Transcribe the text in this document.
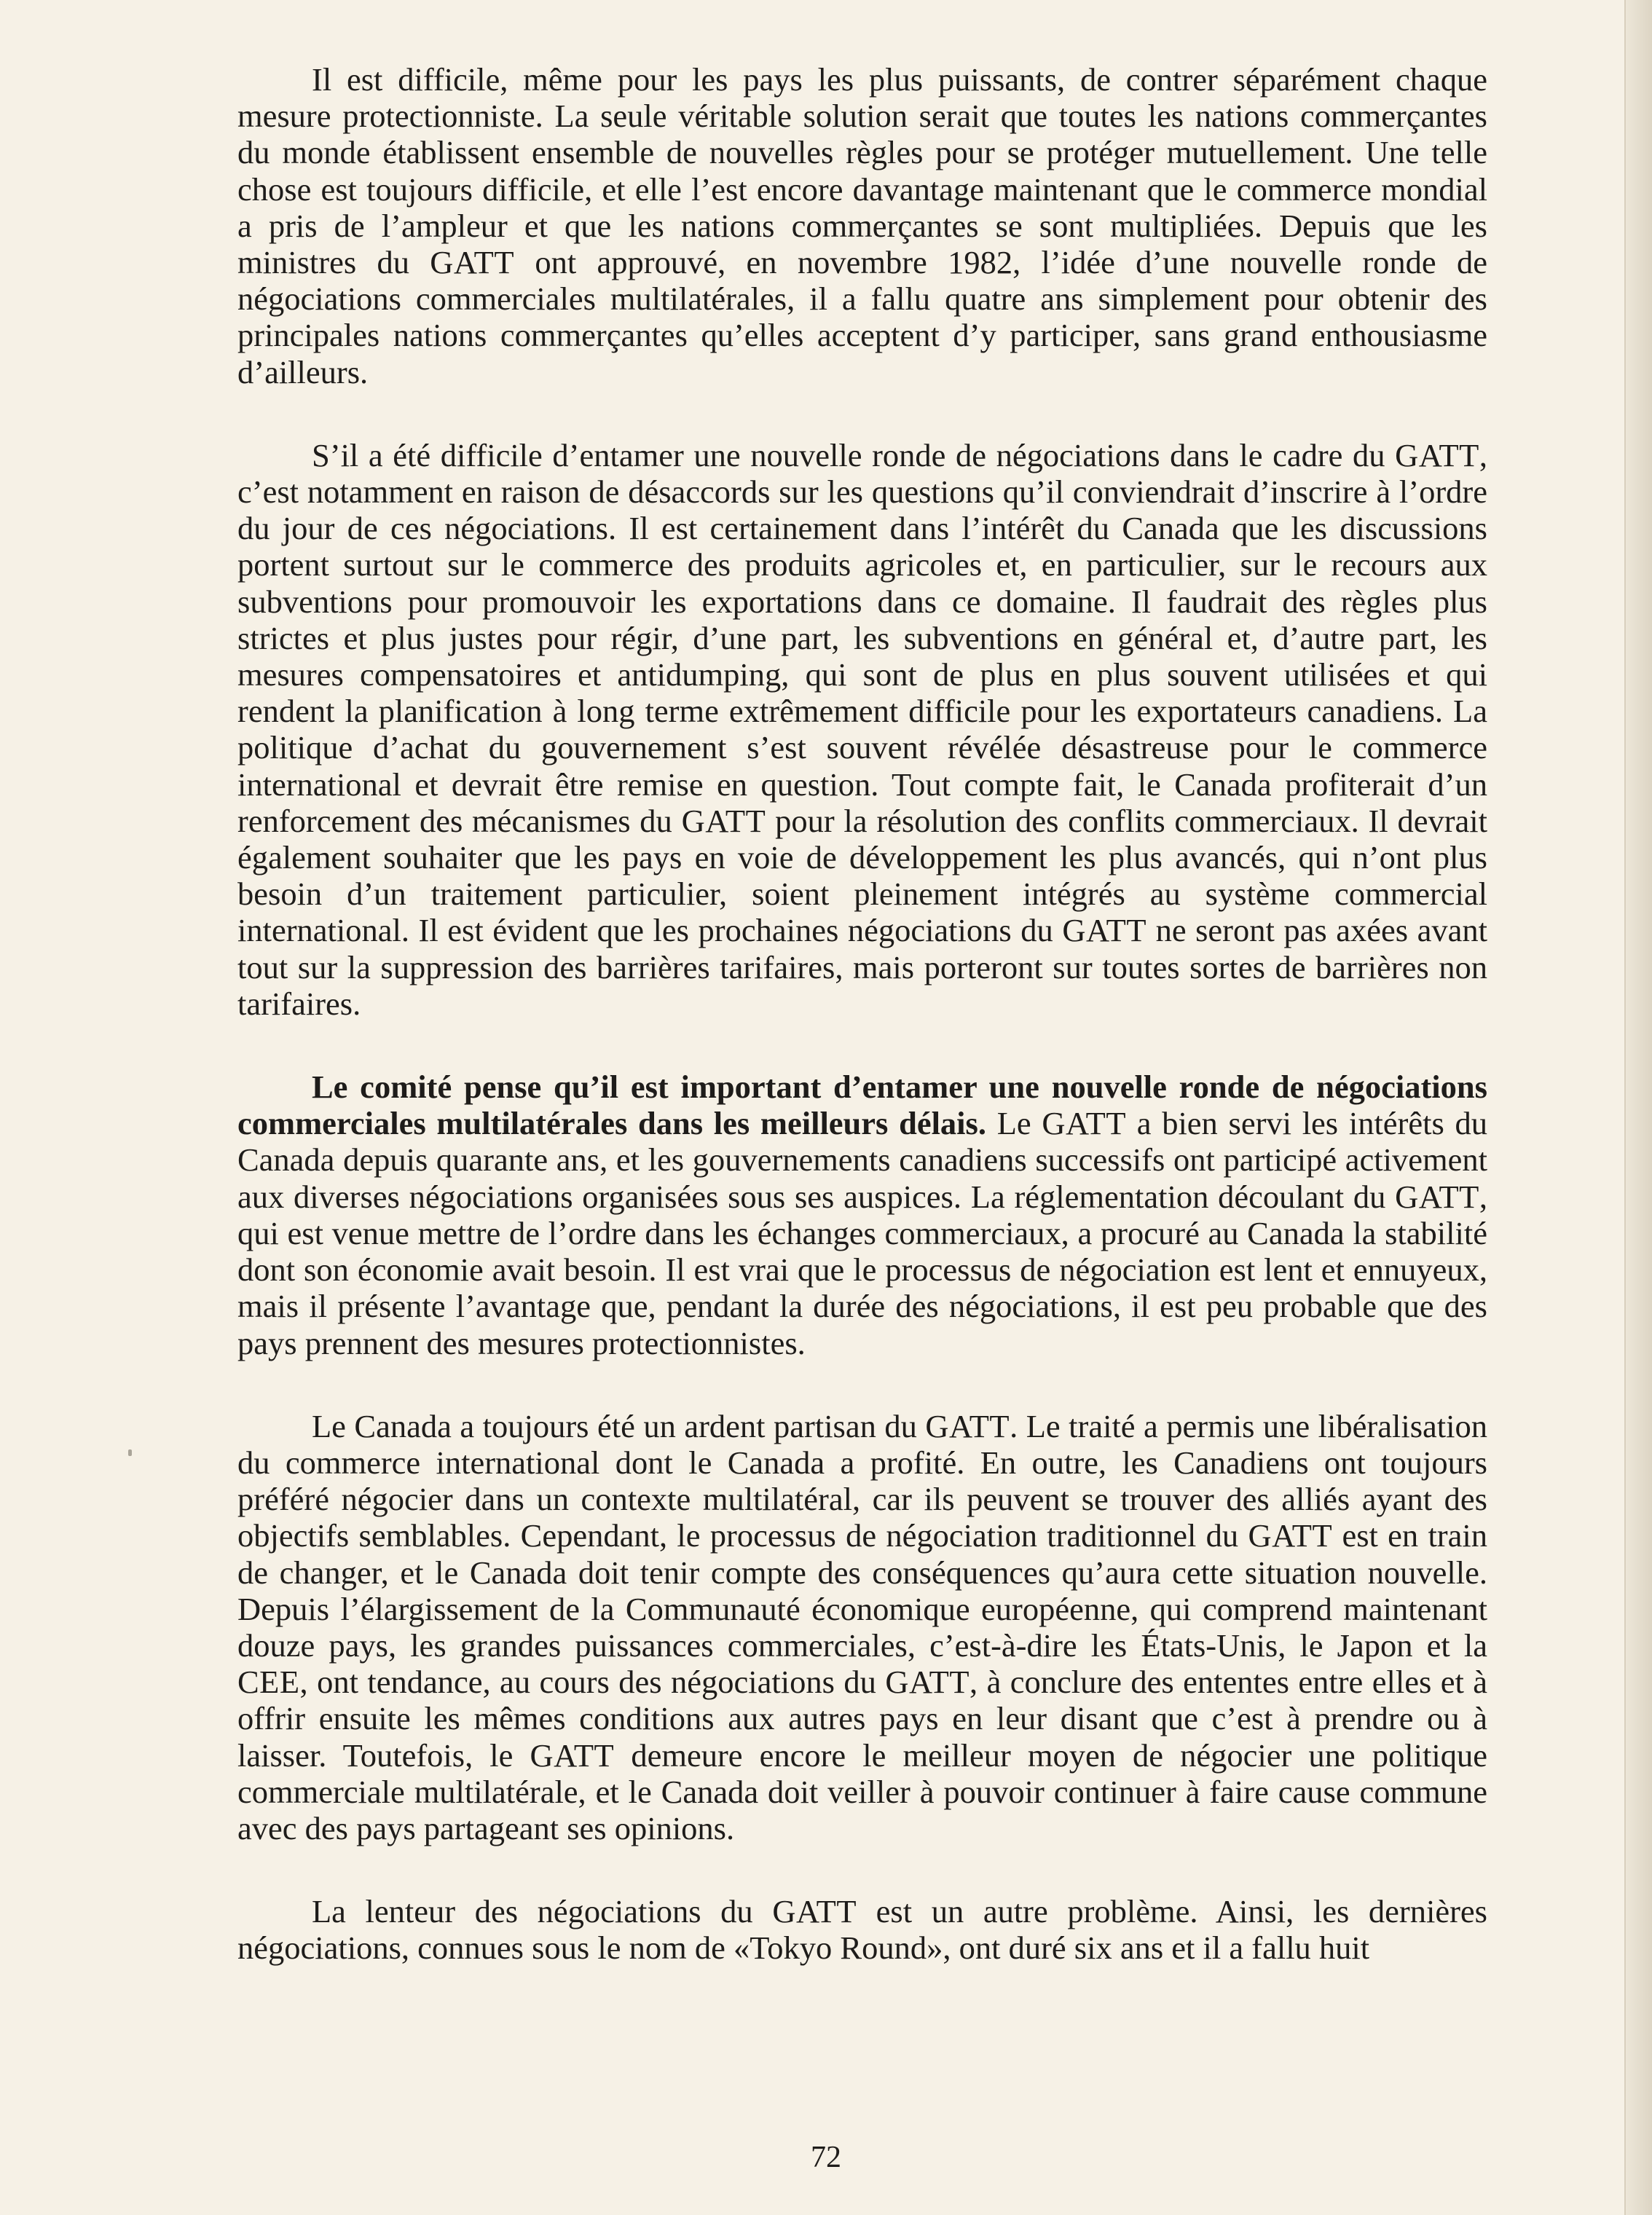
Il est difficile, même pour les pays les plus puissants, de contrer séparément chaque mesure protectionniste. La seule véritable solution serait que toutes les nations commerçantes du monde établissent ensemble de nouvelles règles pour se protéger mutuellement. Une telle chose est toujours difficile, et elle l’est encore davantage maintenant que le commerce mondial a pris de l’ampleur et que les nations commerçantes se sont multipliées. Depuis que les ministres du GATT ont approuvé, en novembre 1982, l’idée d’une nouvelle ronde de négociations commerciales multilatérales, il a fallu quatre ans simplement pour obtenir des principales nations commerçantes qu’elles acceptent d’y participer, sans grand enthousiasme d’ailleurs.

S’il a été difficile d’entamer une nouvelle ronde de négociations dans le cadre du GATT, c’est notamment en raison de désaccords sur les questions qu’il conviendrait d’inscrire à l’ordre du jour de ces négociations. Il est certainement dans l’intérêt du Canada que les discussions portent surtout sur le commerce des produits agricoles et, en particulier, sur le recours aux subventions pour promouvoir les exportations dans ce domaine. Il faudrait des règles plus strictes et plus justes pour régir, d’une part, les subventions en général et, d’autre part, les mesures compensatoires et antidumping, qui sont de plus en plus souvent utilisées et qui rendent la planification à long terme extrêmement difficile pour les exportateurs canadiens. La politique d’achat du gouvernement s’est souvent révélée désastreuse pour le commerce international et devrait être remise en question. Tout compte fait, le Canada profiterait d’un renforcement des mécanismes du GATT pour la résolution des conflits commerciaux. Il devrait également souhaiter que les pays en voie de développement les plus avancés, qui n’ont plus besoin d’un traitement particulier, soient pleinement intégrés au système commercial international. Il est évident que les prochaines négociations du GATT ne seront pas axées avant tout sur la suppression des barrières tarifaires, mais porteront sur toutes sortes de barrières non tarifaires.

Le comité pense qu’il est important d’entamer une nouvelle ronde de négociations commerciales multilatérales dans les meilleurs délais. Le GATT a bien servi les intérêts du Canada depuis quarante ans, et les gouvernements canadiens successifs ont participé activement aux diverses négociations organisées sous ses auspices. La réglementation découlant du GATT, qui est venue mettre de l’ordre dans les échanges commerciaux, a procuré au Canada la stabilité dont son économie avait besoin. Il est vrai que le processus de négociation est lent et ennuyeux, mais il présente l’avantage que, pendant la durée des négociations, il est peu probable que des pays prennent des mesures protectionnistes.

Le Canada a toujours été un ardent partisan du GATT. Le traité a permis une libéralisation du commerce international dont le Canada a profité. En outre, les Canadiens ont toujours préféré négocier dans un contexte multilatéral, car ils peuvent se trouver des alliés ayant des objectifs semblables. Cependant, le processus de négociation traditionnel du GATT est en train de changer, et le Canada doit tenir compte des conséquences qu’aura cette situation nouvelle. Depuis l’élargissement de la Communauté économique européenne, qui comprend maintenant douze pays, les grandes puissances commerciales, c’est-à-dire les États-Unis, le Japon et la CEE, ont tendance, au cours des négociations du GATT, à conclure des ententes entre elles et à offrir ensuite les mêmes conditions aux autres pays en leur disant que c’est à prendre ou à laisser. Toutefois, le GATT demeure encore le meilleur moyen de négocier une politique commerciale multilatérale, et le Canada doit veiller à pouvoir continuer à faire cause commune avec des pays partageant ses opinions.

La lenteur des négociations du GATT est un autre problème. Ainsi, les dernières négociations, connues sous le nom de «Tokyo Round», ont duré six ans et il a fallu huit

72
